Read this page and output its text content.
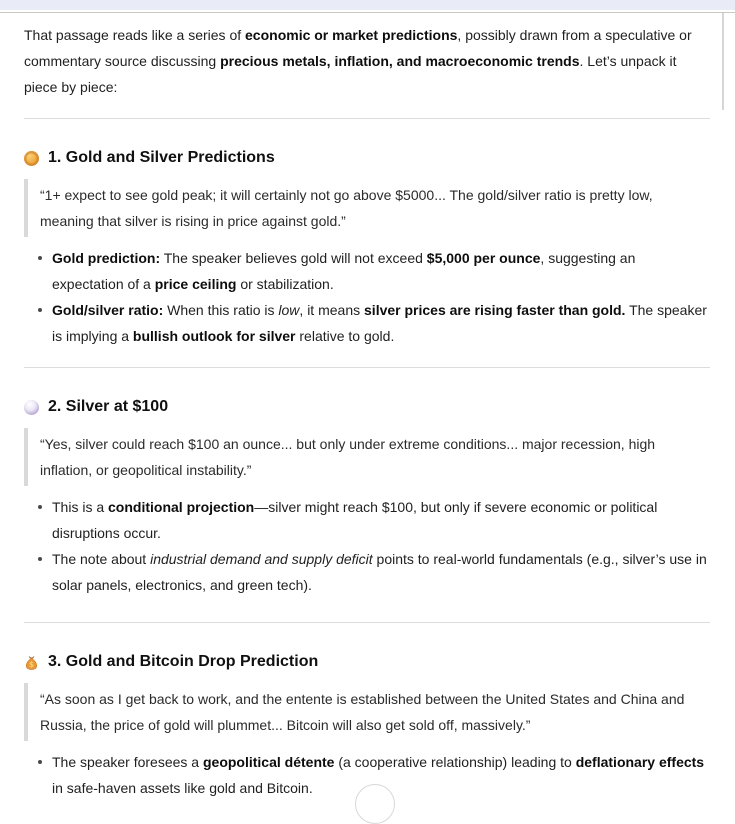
That passage reads like a series of economic or market predictions, possibly drawn from a speculative or commentary source discussing precious metals, inflation, and macroeconomic trends. Let’s unpack it piece by piece:

1. Gold and Silver Predictions
“1+ expect to see gold peak; it will certainly not go above $5000... The gold/silver ratio is pretty low, meaning that silver is rising in price against gold.”
Gold prediction: The speaker believes gold will not exceed $5,000 per ounce, suggesting an expectation of a price ceiling or stabilization.
Gold/silver ratio: When this ratio is low, it means silver prices are rising faster than gold. The speaker is implying a bullish outlook for silver relative to gold.
2. Silver at $100
“Yes, silver could reach $100 an ounce... but only under extreme conditions... major recession, high inflation, or geopolitical instability.”
This is a conditional projection—silver might reach $100, but only if severe economic or political disruptions occur.
The note about industrial demand and supply deficit points to real-world fundamentals (e.g., silver’s use in solar panels, electronics, and green tech).
$ 3. Gold and Bitcoin Drop Prediction
“As soon as I get back to work, and the entente is established between the United States and China and Russia, the price of gold will plummet... Bitcoin will also get sold off, massively.”
The speaker foresees a geopolitical détente (a cooperative relationship) leading to deflationary effects in safe-haven assets like gold and Bitcoin.
